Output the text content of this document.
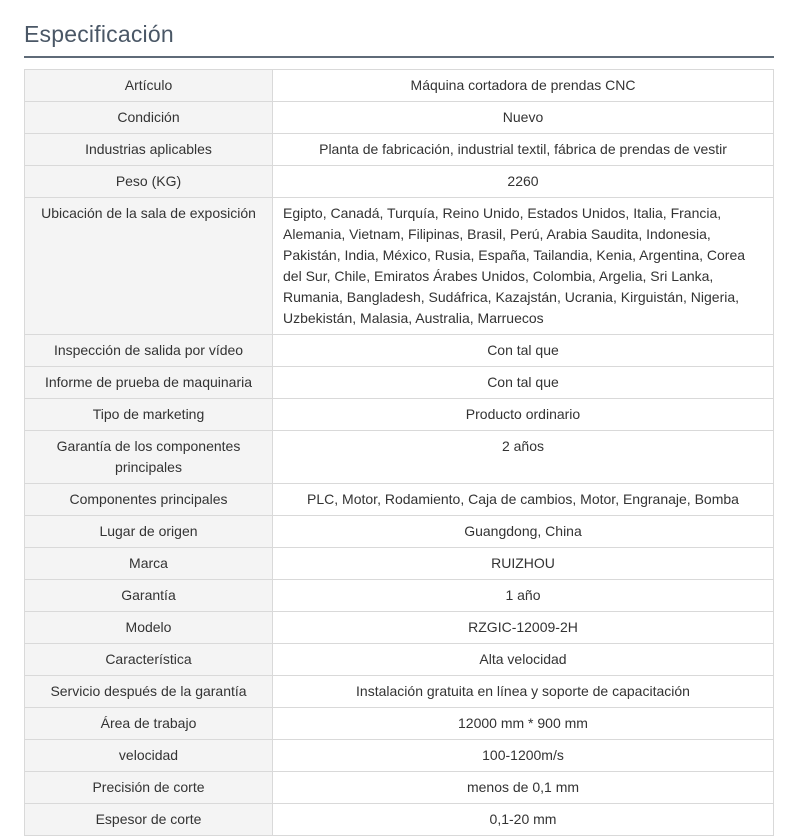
Especificación
Artículo	Máquina cortadora de prendas CNC
Condición	Nuevo
Industrias aplicables	Planta de fabricación, industrial textil, fábrica de prendas de vestir
Peso (KG)	2260
Ubicación de la sala de exposición	Egipto, Canadá, Turquía, Reino Unido, Estados Unidos, Italia, Francia, Alemania, Vietnam, Filipinas, Brasil, Perú, Arabia Saudita, Indonesia, Pakistán, India, México, Rusia, España, Tailandia, Kenia, Argentina, Corea del Sur, Chile, Emiratos Árabes Unidos, Colombia, Argelia, Sri Lanka, Rumania, Bangladesh, Sudáfrica, Kazajstán, Ucrania, Kirguistán, Nigeria, Uzbekistán, Malasia, Australia, Marruecos
Inspección de salida por vídeo	Con tal que
Informe de prueba de maquinaria	Con tal que
Tipo de marketing	Producto ordinario
Garantía de los componentes principales	2 años
Componentes principales	PLC, Motor, Rodamiento, Caja de cambios, Motor, Engranaje, Bomba
Lugar de origen	Guangdong, China
Marca	RUIZHOU
Garantía	1 año
Modelo	RZGIC-12009-2H
Característica	Alta velocidad
Servicio después de la garantía	Instalación gratuita en línea y soporte de capacitación
Área de trabajo	12000 mm * 900 mm
velocidad	100-1200m/s
Precisión de corte	menos de 0,1 mm
Espesor de corte	0,1-20 mm
